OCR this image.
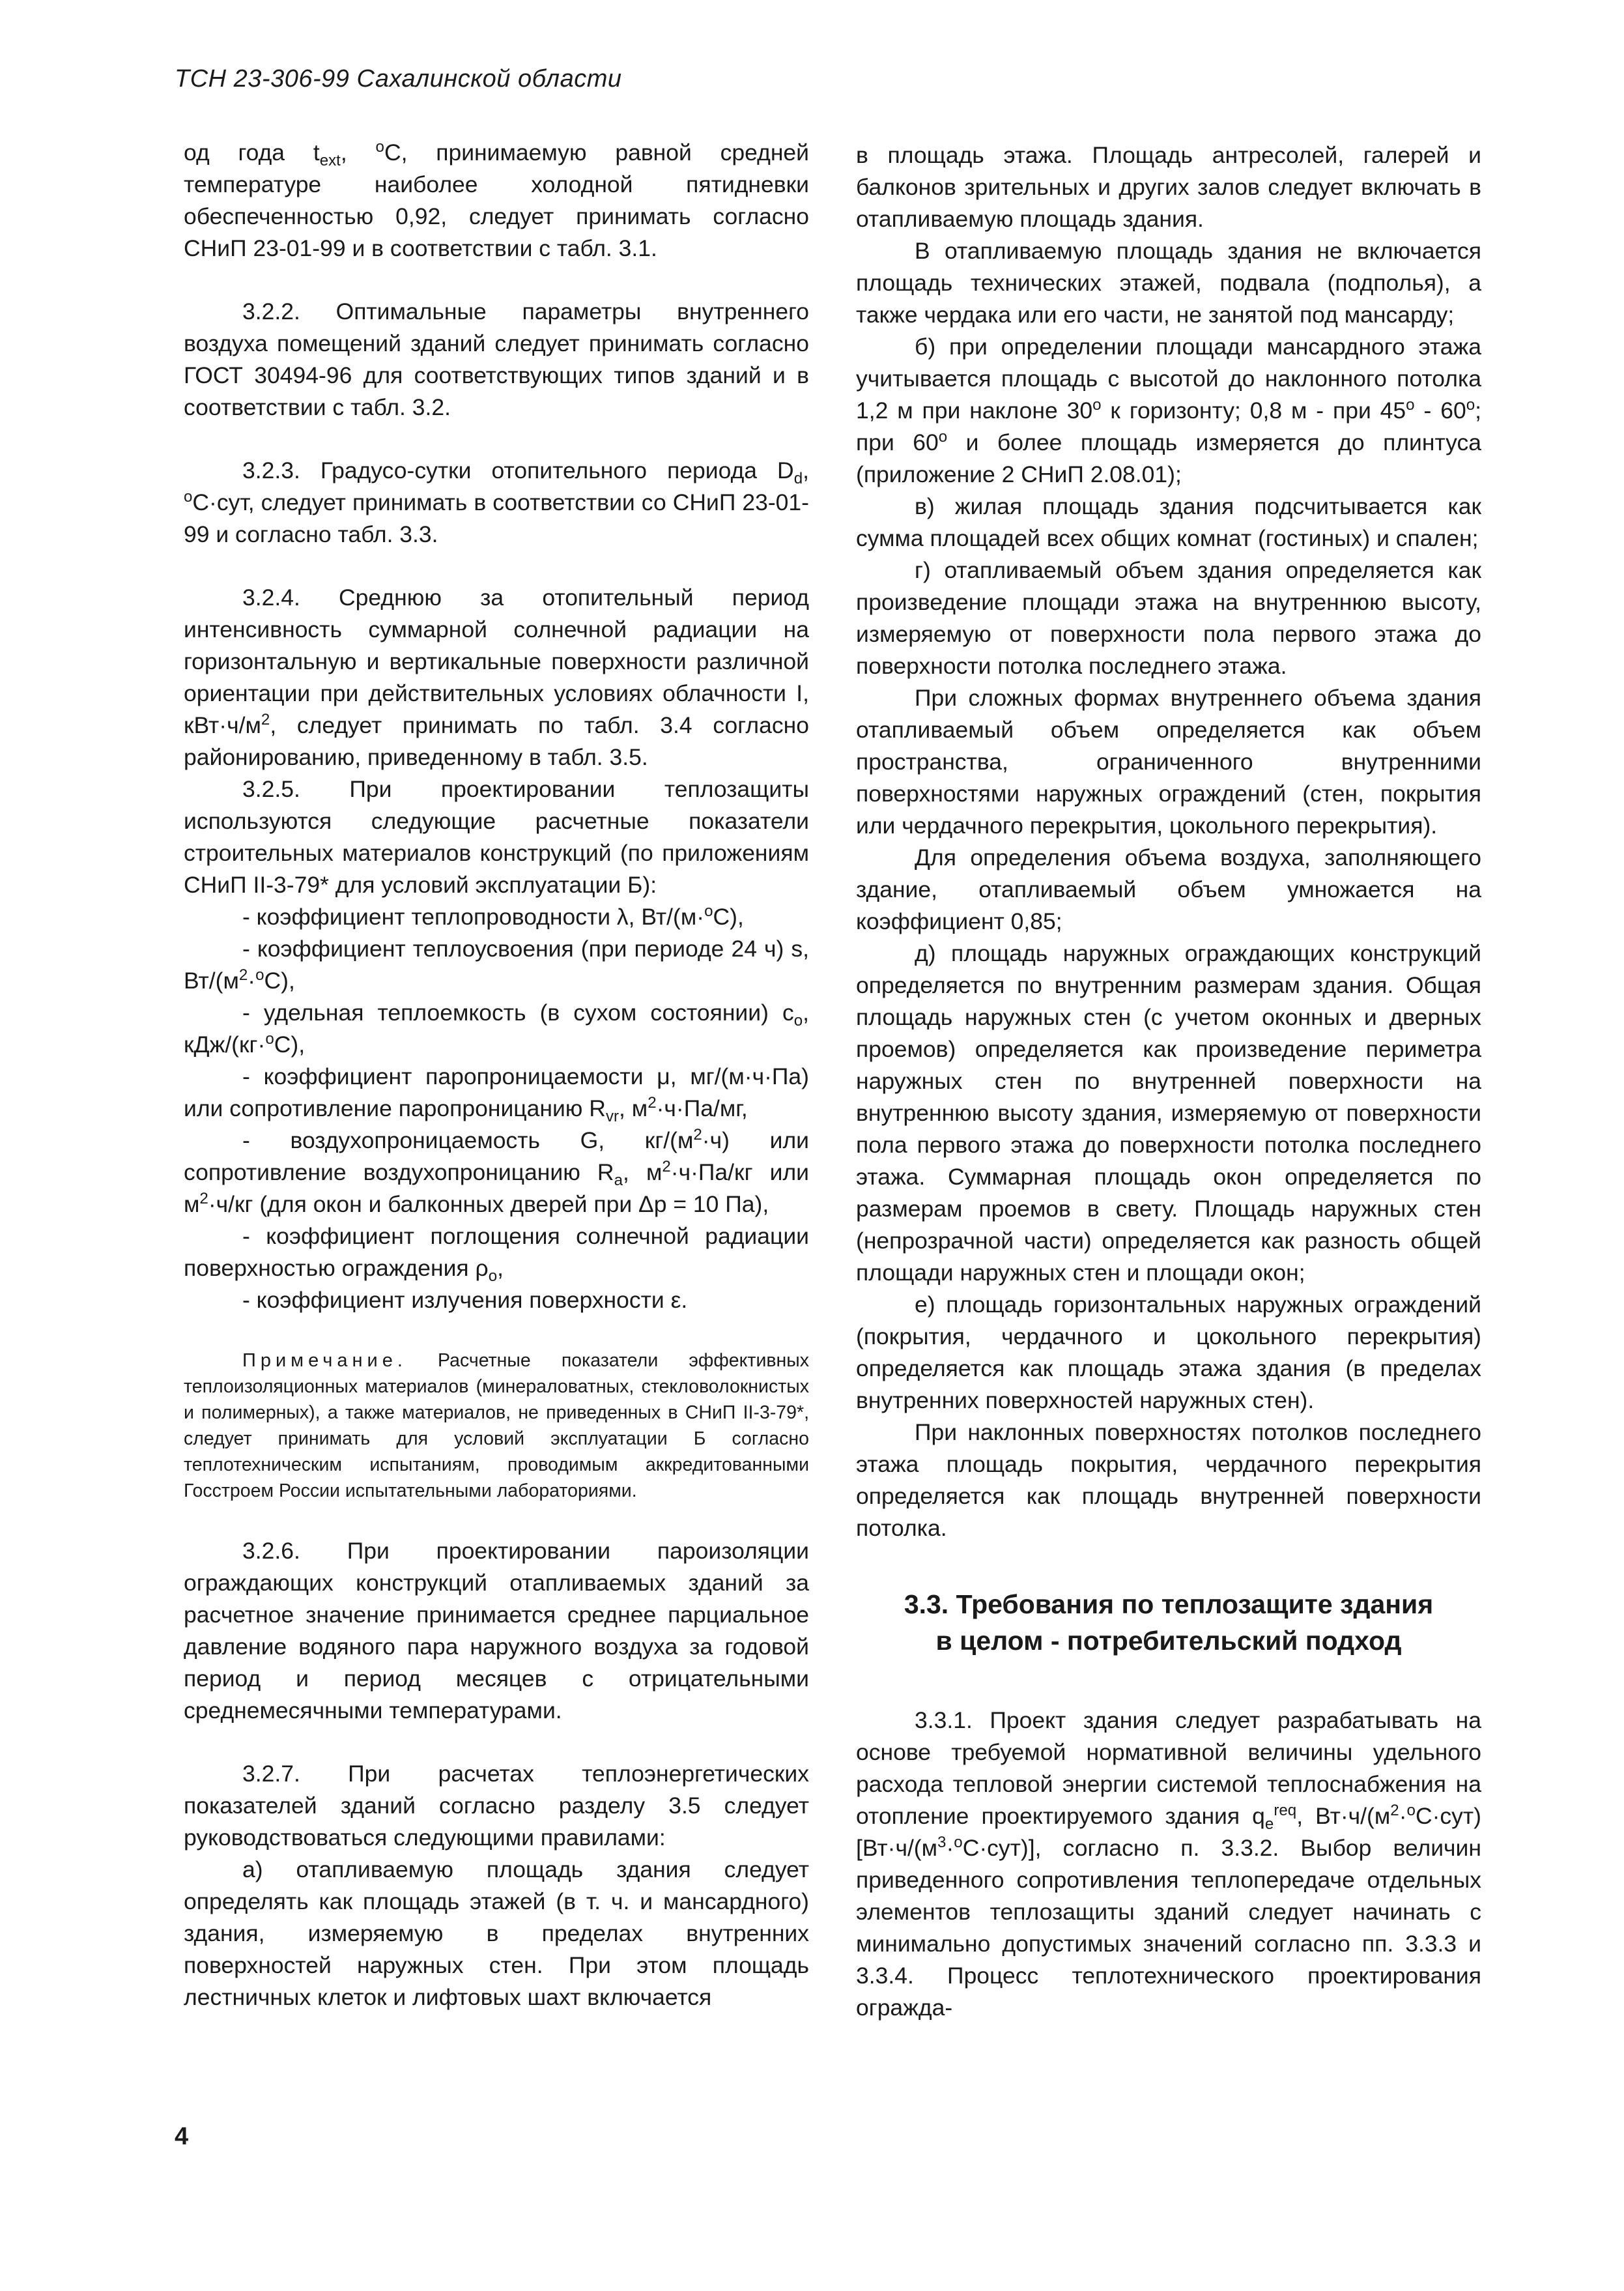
ТСН 23-306-99 Сахалинской области

од года $t_{ext}$, $^о$С, принимаемую равной средней температуре наиболее холодной пятидневки обеспеченностью 0,92, следует принимать согласно СНиП 23-01-99 и в соответствии с табл. 3.1.

3.2.2. Оптимальные параметры внутреннего воздуха помещений зданий следует принимать согласно ГОСТ 30494-96 для соответствующих типов зданий и в соответствии с табл. 3.2.

3.2.3. Градусо-сутки отопительного периода $D_d$, $^о$С·сут, следует принимать в соответствии со СНиП 23-01-99 и согласно табл. 3.3.

3.2.4. Среднюю за отопительный период интенсивность суммарной солнечной радиации на горизонтальную и вертикальные поверхности различной ориентации при действительных условиях облачности I, $кВт\cdot ч/м^2$, следует принимать по табл. 3.4 согласно районированию, приведенному в табл. 3.5.

3.2.5. При проектировании теплозащиты используются следующие расчетные показатели строительных материалов конструкций (по приложениям СНиП II-3-79* для условий эксплуатации Б):

- коэффициент теплопроводности λ, Вт/(м·$^о$С),

- коэффициент теплоусвоения (при периоде 24 ч) s, $Вт/(м^2\cdot^оС)$,

- удельная теплоемкость (в сухом состоянии) $с_о$, кДж/(кг·$^о$С),

- коэффициент паропроницаемости μ, мг/(м·ч·Па) или сопротивление паропроницанию $R_{vr}$, $м^2\cdot ч\cdot Па/мг$,

- воздухопроницаемость G, $кг/(м^2\cdot ч)$ или сопротивление воздухопроницанию $R_a$, $м^2\cdot ч\cdot Па/кг$ или $м^2\cdot ч/кг$ (для окон и балконных дверей при Δp = 10 Па),

- коэффициент поглощения солнечной радиации поверхностью ограждения $\rho_о$,

- коэффициент излучения поверхности ε.

Примечание. Расчетные показатели эффективных теплоизоляционных материалов (минераловатных, стекловолокнистых и полимерных), а также материалов, не приведенных в СНиП II-3-79*, следует принимать для условий эксплуатации Б согласно теплотехническим испытаниям, проводимым аккредитованными Госстроем России испытательными лабораториями.

3.2.6. При проектировании пароизоляции ограждающих конструкций отапливаемых зданий за расчетное значение принимается среднее парциальное давление водяного пара наружного воздуха за годовой период и период месяцев с отрицательными среднемесячными температурами.

3.2.7. При расчетах теплоэнергетических показателей зданий согласно разделу 3.5 следует руководствоваться следующими правилами:

а) отапливаемую площадь здания следует определять как площадь этажей (в т. ч. и мансардного) здания, измеряемую в пределах внутренних поверхностей наружных стен. При этом площадь лестничных клеток и лифтовых шахт включается

в площадь этажа. Площадь антресолей, галерей и балконов зрительных и других залов следует включать в отапливаемую площадь здания.

В отапливаемую площадь здания не включается площадь технических этажей, подвала (подполья), а также чердака или его части, не занятой под мансарду;

б) при определении площади мансардного этажа учитывается площадь с высотой до наклонного потолка 1,2 м при наклоне $30^о$ к горизонту; 0,8 м - при $45^о - 60^о$; при $60^о$ и более площадь измеряется до плинтуса (приложение 2 СНиП 2.08.01);

в) жилая площадь здания подсчитывается как сумма площадей всех общих комнат (гостиных) и спален;

г) отапливаемый объем здания определяется как произведение площади этажа на внутреннюю высоту, измеряемую от поверхности пола первого этажа до поверхности потолка последнего этажа.

При сложных формах внутреннего объема здания отапливаемый объем определяется как объем пространства, ограниченного внутренними поверхностями наружных ограждений (стен, покрытия или чердачного перекрытия, цокольного перекрытия).

Для определения объема воздуха, заполняющего здание, отапливаемый объем умножается на коэффициент 0,85;

д) площадь наружных ограждающих конструкций определяется по внутренним размерам здания. Общая площадь наружных стен (с учетом оконных и дверных проемов) определяется как произведение периметра наружных стен по внутренней поверхности на внутреннюю высоту здания, измеряемую от поверхности пола первого этажа до поверхности потолка последнего этажа. Суммарная площадь окон определяется по размерам проемов в свету. Площадь наружных стен (непрозрачной части) определяется как разность общей площади наружных стен и площади окон;

е) площадь горизонтальных наружных ограждений (покрытия, чердачного и цокольного перекрытия) определяется как площадь этажа здания (в пределах внутренних поверхностей наружных стен).

При наклонных поверхностях потолков последнего этажа площадь покрытия, чердачного перекрытия определяется как площадь внутренней поверхности потолка.

3.3. Требования по теплозащите здания
в целом - потребительский подход

3.3.1. Проект здания следует разрабатывать на основе требуемой нормативной величины удельного расхода тепловой энергии системой теплоснабжения на отопление проектируемого здания $q_e^{req}$, $Вт\cdot ч/(м^2\cdot^оС\cdot сут)$ $[Вт\cdot ч/(м^3\cdot^оС\cdot сут)]$, согласно п. 3.3.2. Выбор величин приведенного сопротивления теплопередаче отдельных элементов теплозащиты зданий следует начинать с минимально допустимых значений согласно пп. 3.3.3 и 3.3.4. Процесс теплотехнического проектирования огражда-

4
